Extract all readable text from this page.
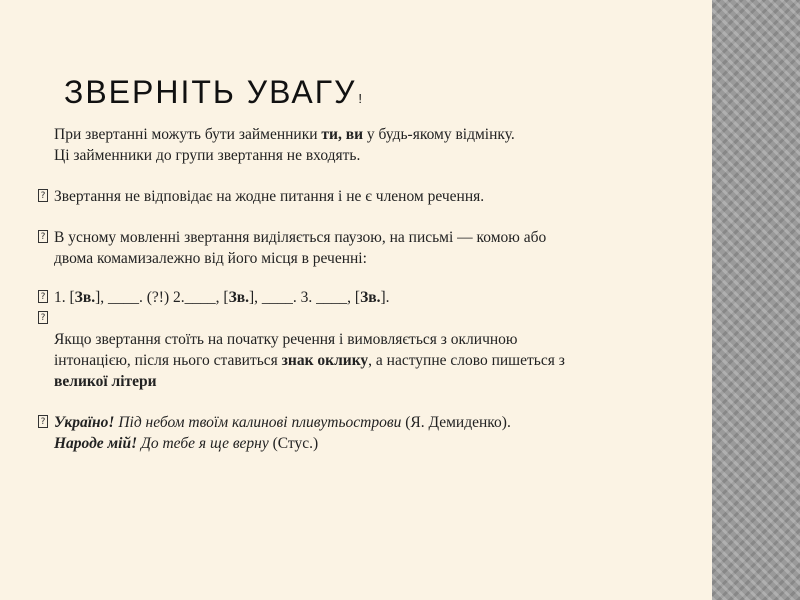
ЗВЕРНІТЬ УВАГУ !

При звертанні можуть бути займенники ти, ви у будь-якому відмінку.

Ці займенники до групи звертання не входять.

? Звертання не відповідає на жодне питання і не є членом речення.

? В усному мовленні звертання виділяється паузою, на письмі — комою або

двома комамизалежно від його місця в реченні:

? 1. [Зв.], ____. (?!) 2.____, [Зв.], ____. 3. ____, [Зв.].

?

Якщо звертання стоїть на початку речення і вимовляється з окличною

інтонацією, після нього ставиться знак оклику, а наступне слово пишеться з

великої літери

? Україно! Під небом твоїм калинові пливутьострови (Я. Демиденко).

Народе мій! До тебе я ще верну (Стус.)
